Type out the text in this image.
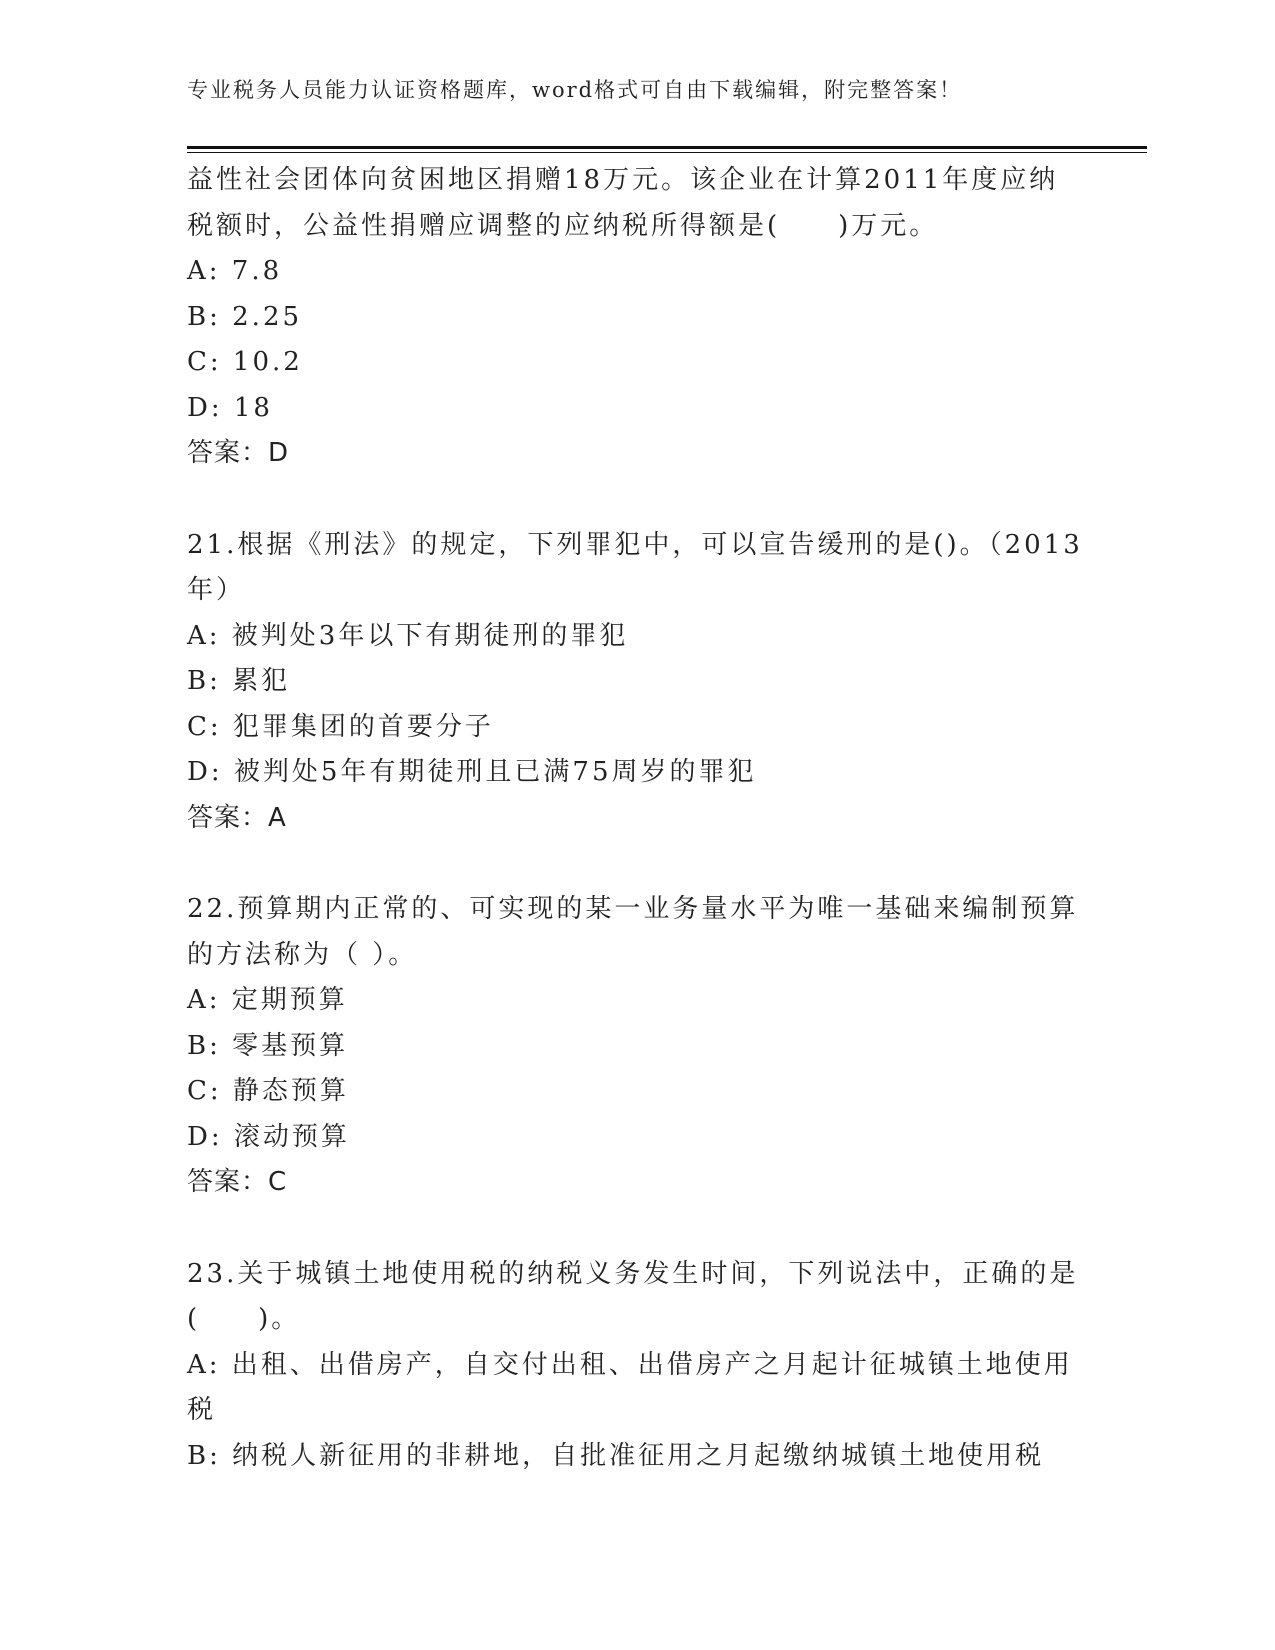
专业税务人员能力认证资格题库，word格式可自由下载编辑，附完整答案！
益性社会团体向贫困地区捐赠18万元。该企业在计算2011年度应纳
税额时，公益性捐赠应调整的应纳税所得额是(　　)万元。
A: 7.8
B: 2.25
C: 10.2
D: 18
答案：D
21.根据《刑法》的规定，下列罪犯中，可以宣告缓刑的是()。（2013
年）
A: 被判处3年以下有期徒刑的罪犯
B: 累犯
C: 犯罪集团的首要分子
D: 被判处5年有期徒刑且已满75周岁的罪犯
答案：A
22.预算期内正常的、可实现的某一业务量水平为唯一基础来编制预算
的方法称为（ ）。
A: 定期预算
B: 零基预算
C: 静态预算
D: 滚动预算
答案：C
23.关于城镇土地使用税的纳税义务发生时间，下列说法中，正确的是
(　　)。
A: 出租、出借房产，自交付出租、出借房产之月起计征城镇土地使用
税
B: 纳税人新征用的非耕地，自批准征用之月起缴纳城镇土地使用税
